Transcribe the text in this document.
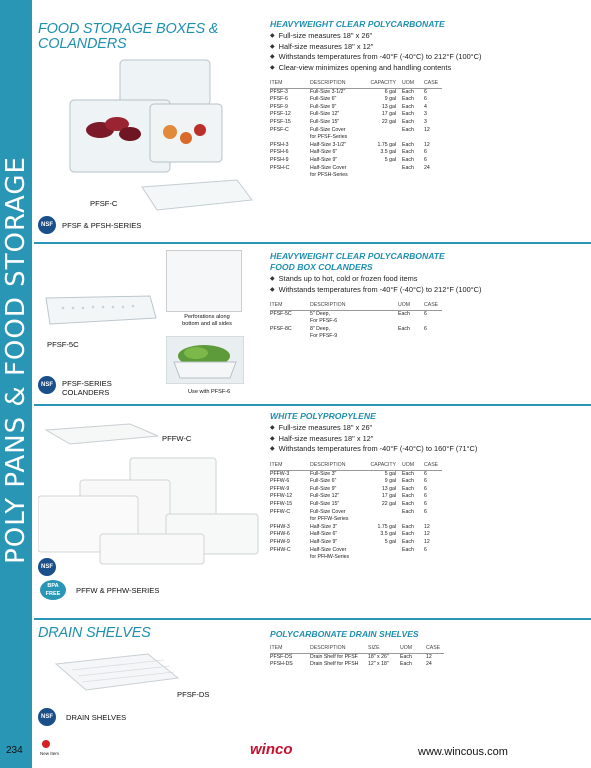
POLY PANS & FOOD STORAGE
FOOD STORAGE BOXES &
COLANDERS
PFSF-C
NSF	PFSF & PFSH-SERIES
HEAVYWEIGHT CLEAR POLYCARBONATE
◆ Full-size measures 18" x 26"
◆ Half-size measures 18" x 12"
◆ Withstands temperatures from -40°F (-40°C) to 212°F (100°C)
◆ Clear-view minimizes opening and handling contents
ITEM	DESCRIPTION	CAPACITY	UOM	CASE
PFSF-3	Full-Size 3-1/2"	6 gal	Each	6
PFSF-6	Full-Size 6"	9 gal	Each	6
PFSF-9	Full-Size 9"	13 gal	Each	4
PFSF-12	Full-Size 12"	17 gal	Each	3
PFSF-15	Full-Size 15"	22 gal	Each	3
PFSF-C	Full-Size Cover		Each	12
	for PFSF-Series			
PFSH-3	Half-Size 3-1/2"	1.75 gal	Each	12
PFSH-6	Half-Size 6"	3.5 gal	Each	6
PFSH-9	Half-Size 9"	5 gal	Each	6
PFSH-C	Half-Size Cover		Each	24
	for PFSH-Series			
PFSF-5C
Perforations along
bottom and all sides
Use with PFSF-6
NSF	PFSF-SERIES
COLANDERS
HEAVYWEIGHT CLEAR POLYCARBONATE
FOOD BOX COLANDERS
◆ Stands up to hot, cold or frozen food items
◆ Withstands temperatures from -40°F (-40°C) to 212°F (100°C)
ITEM	DESCRIPTION	UOM	CASE
PFSF-5C	5" Deep,	Each	6
	For PFSF-6		
PFSF-8C	8" Deep,	Each	6
	For PFSF-9		
PFFW-C
NSF
BPA
FREE	PFFW & PFHW-SERIES
WHITE POLYPROPYLENE
◆ Full-size measures 18" x 26"
◆ Half-size measures 18" x 12"
◆ Withstands temperatures from -40°F (-40°C) to 160°F (71°C)
ITEM	DESCRIPTION	CAPACITY	UOM	CASE
PFFW-3	Full-Size 3"	5 gal	Each	6
PFFW-6	Full-Size 6"	9 gal	Each	6
PFFW-9	Full-Size 9"	13 gal	Each	6
PFFW-12	Full-Size 12"	17 gal	Each	6
PFFW-15	Full-Size 15"	22 gal	Each	6
PFFW-C	Full-Size Cover		Each	6
	for PFFW-Series			
PFHW-3	Half-Size 3"	1.75 gal	Each	12
PFHW-6	Half-Size 6"	3.5 gal	Each	12
PFHW-9	Half-Size 9"	5 gal	Each	12
PFHW-C	Half-Size Cover		Each	6
	for PFHW-Series			
DRAIN SHELVES
PFSF-DS
NSF	DRAIN SHELVES
POLYCARBONATE DRAIN SHELVES
ITEM	DESCRIPTION	SIZE	UOM	CASE
PFSF-DS	Drain Shelf for PFSF	18" x 26"	Each	12
PFSH-DS	Drain Shelf for PFSH	12" x 18"	Each	24
234	New Item	winco	www.wincous.com
